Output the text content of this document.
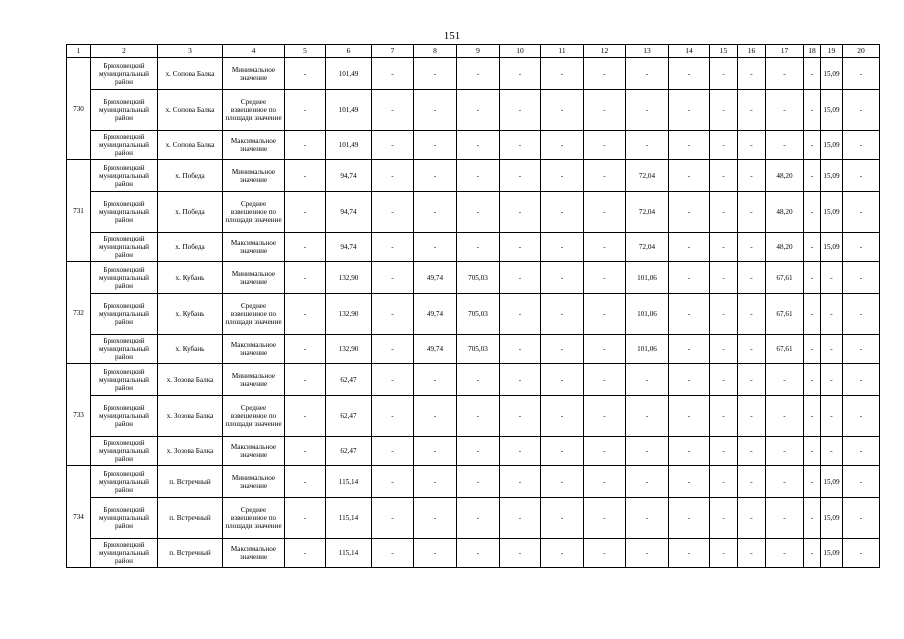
151
1	2	3	4	5	6	7	8	9	10	11	12	13	14	15	16	17	18	19	20
730	Брюховецкий муниципальный район	х. Сопова Балка	Минимальное значение	-	101,49	-	-	-	-	-	-	-	-	-	-	-	-	15,09	-
	Брюховецкий муниципальный район	х. Сопова Балка	Среднее взвешенное по площади значение	-	101,49	-	-	-	-	-	-	-	-	-	-	-	-	15,09	-
	Брюховецкий муниципальный район	х. Сопова Балка	Максимальное значение	-	101,49	-	-	-	-	-	-	-	-	-	-	-	-	15,09	-
731	Брюховецкий муниципальный район	х. Победа	Минимальное значение	-	94,74	-	-	-	-	-	-	72,04	-	-	-	48,20	-	15,09	-
	Брюховецкий муниципальный район	х. Победа	Среднее взвешенное по площади значение	-	94,74	-	-	-	-	-	-	72,04	-	-	-	48,20	-	15,09	-
	Брюховецкий муниципальный район	х. Победа	Максимальное значение	-	94,74	-	-	-	-	-	-	72,04	-	-	-	48,20	-	15,09	-
732	Брюховецкий муниципальный район	х. Кубань	Минимальное значение	-	132,90	-	49,74	705,03	-	-	-	101,06	-	-	-	67,61	-	-	-
	Брюховецкий муниципальный район	х. Кубань	Среднее взвешенное по площади значение	-	132,90	-	49,74	705,03	-	-	-	101,06	-	-	-	67,61	-	-	-
	Брюховецкий муниципальный район	х. Кубань	Максимальное значение	-	132,90	-	49,74	705,03	-	-	-	101,06	-	-	-	67,61	-	-	-
733	Брюховецкий муниципальный район	х. Зозова Балка	Минимальное значение	-	62,47	-	-	-	-	-	-	-	-	-	-	-	-	-	-
	Брюховецкий муниципальный район	х. Зозова Балка	Среднее взвешенное по площади значение	-	62,47	-	-	-	-	-	-	-	-	-	-	-	-	-	-
	Брюховецкий муниципальный район	х. Зозова Балка	Максимальное значение	-	62,47	-	-	-	-	-	-	-	-	-	-	-	-	-	-
734	Брюховецкий муниципальный район	п. Встречный	Минимальное значение	-	115,14	-	-	-	-	-	-	-	-	-	-	-	-	15,09	-
	Брюховецкий муниципальный район	п. Встречный	Среднее взвешенное по площади значение	-	115,14	-	-	-	-	-	-	-	-	-	-	-	-	15,09	-
	Брюховецкий муниципальный район	п. Встречный	Максимальное значение	-	115,14	-	-	-	-	-	-	-	-	-	-	-	-	15,09	-
